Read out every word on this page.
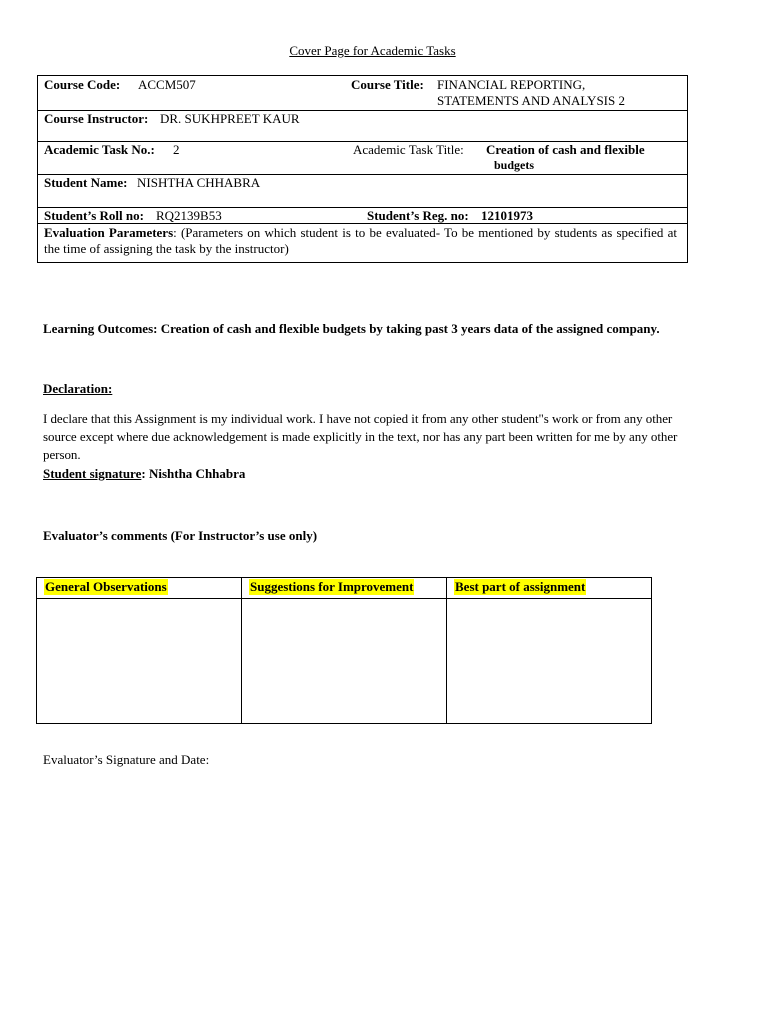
Cover Page for Academic Tasks
Course Code: ACCM507	Course Title: FINANCIAL REPORTING,
STATEMENTS AND ANALYSIS 2
Course Instructor: DR. SUKHPREET KAUR
Academic Task No.: 2	Academic Task Title: Creation of cash and flexible
budgets
Student Name: NISHTHA CHHABRA
Student’s Roll no: RQ2139B53	Student’s Reg. no: 12101973
Evaluation Parameters: (Parameters on which student is to be evaluated- To be mentioned by students as specified at the time of assigning the task by the instructor)
Learning Outcomes: Creation of cash and flexible budgets by taking past 3 years data of the assigned company.
Declaration:
I declare that this Assignment is my individual work. I have not copied it from any other student"s work or from any other source except where due acknowledgement is made explicitly in the text, nor has any part been written for me by any other person.
Student signature: Nishtha Chhabra
Evaluator’s comments (For Instructor’s use only)
General Observations	Suggestions for Improvement	Best part of assignment
Evaluator’s Signature and Date:
